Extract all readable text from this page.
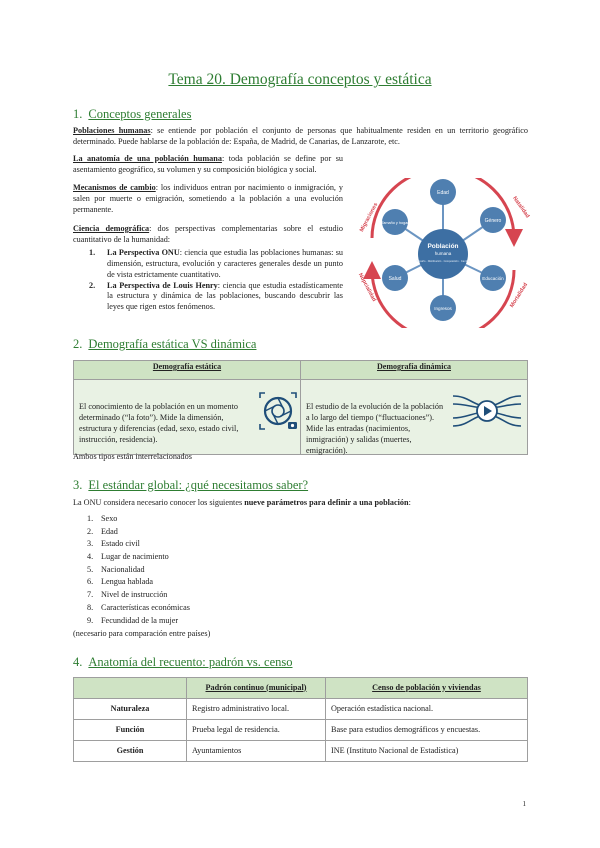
Tema 20. Demografía conceptos y estática
1. Conceptos generales
Poblaciones humanas: se entiende por población el conjunto de personas que habitualmente residen en un territorio geográfico determinado. Puede hablarse de la población de: España, de Madrid, de Canarias, de Lanzarote, etc.
La anatomía de una población humana: toda población se define por su asentamiento geográfico, su volumen y su composición biológica y social.
Mecanismos de cambio: los individuos entran por nacimiento o inmigración, y salen por muerte o emigración, sometiendo a la población a una evolución permanente.
Ciencia demográfica: dos perspectivas complementarias sobre el estudio cuantitativo de la humanidad:
1. La Perspectiva ONU: ciencia que estudia las poblaciones humanas: su dimensión, estructura, evolución y caracteres generales desde un punto de vista estrictamente cuantitativo.
2. La Perspectiva de Louis Henry: ciencia que estudia estadísticamente la estructura y dinámica de las poblaciones, buscando descubrir las leyes que rigen estos fenómenos.
Edad
Género
Educación
Ingresos
Salud
Tamaño y hogar
Población
humana
Tamaño · Distribución · Composición · Cambio
Migraciones	Natalidad
Mortalidad
Nupcialidad
2. Demografía estática VS dinámica
Demografía estática	Demografía dinámica

El conocimiento de la población en un momento determinado (“la foto”). Mide la dimensión, estructura y diferencias (edad, sexo, estado civil, instrucción, residencia).	El estudio de la evolución de la población a lo largo del tiempo (“fluctuaciones”). Mide las entradas (nacimientos, inmigración) y salidas (muertes, emigración).
Ambos tipos están interrelacionados
3. El estándar global: ¿qué necesitamos saber?
La ONU considera necesario conocer los siguientes nueve parámetros para definir a una población:
1. Sexo
2. Edad
3. Estado civil
4. Lugar de nacimiento
5. Nacionalidad
6. Lengua hablada
7. Nivel de instrucción
8. Características económicas
9. Fecundidad de la mujer
(necesario para comparación entre países)
4. Anatomía del recuento: padrón vs. censo
	Padrón continuo (municipal)	Censo de población y viviendas
Naturaleza	Registro administrativo local.	Operación estadística nacional.
Función	Prueba legal de residencia.	Base para estudios demográficos y encuestas.
Gestión	Ayuntamientos	INE (Instituto Nacional de Estadística)
1
